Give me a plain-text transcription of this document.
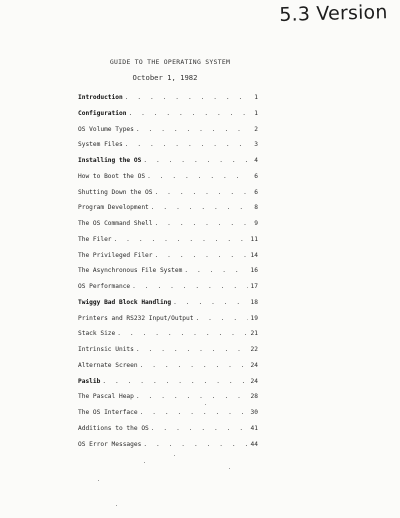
5.3 Version
GUIDE TO THE OPERATING SYSTEM
October 1, 1982
Introduction . . .	1
Configuration . . .	1
OS Volume Types . . .	2
System Files . . .	3
Installing the OS . . .	4
How to Boot the OS . . .	6
Shutting Down the OS . . .	6
Program Development . . .	8
The OS Command Shell . . .	9
The Filer . . .	11
The Privileged Filer . . .	14
The Asynchronous File System . . .	16
OS Performance . . .	17
Twiggy Bad Block Handling . . .	18
Printers and RS232 Input/Output . . .	19
Stack Size . . .	21
Intrinsic Units . . .	22
Alternate Screen . . .	24
Paslib . . .	24
The Pascal Heap . . .	28
The OS Interface . . .	30
Additions to the OS . . .	41
OS Error Messages . . .	44
